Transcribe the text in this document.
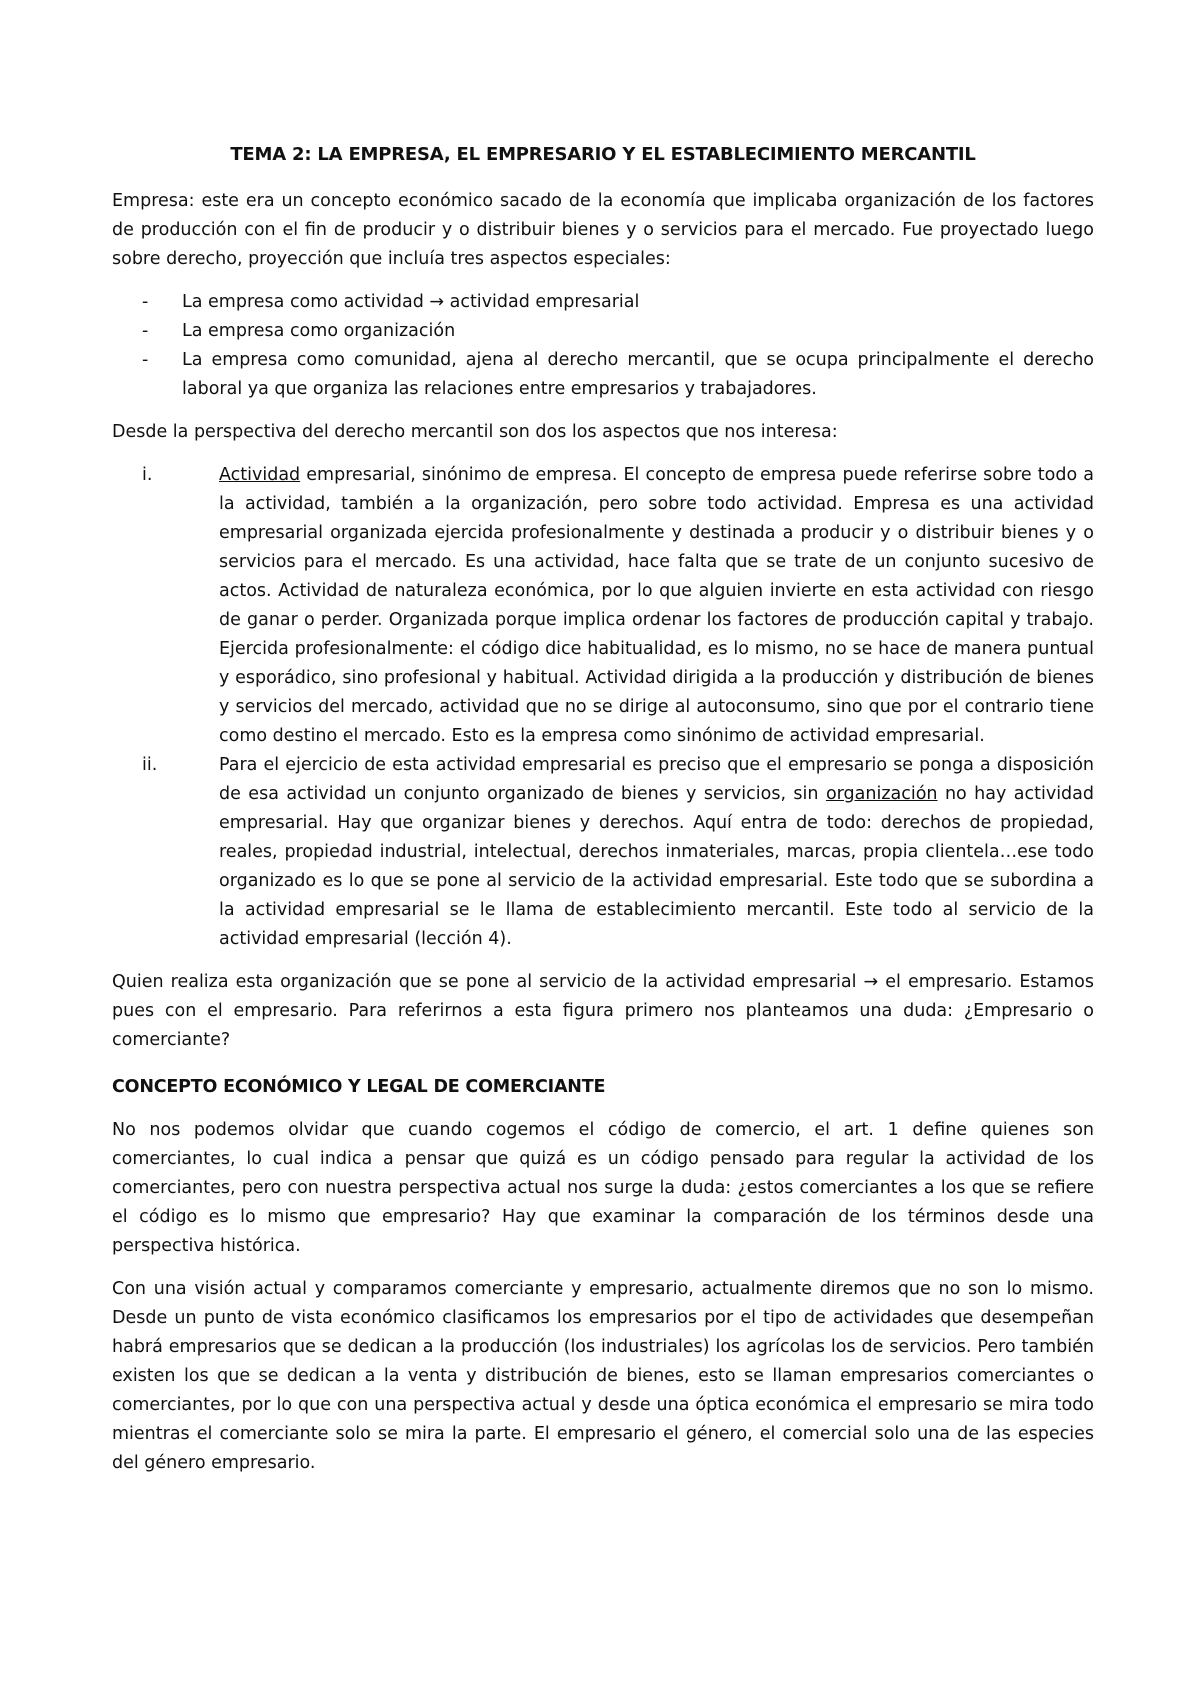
TEMA 2: LA EMPRESA, EL EMPRESARIO Y EL ESTABLECIMIENTO MERCANTIL

Empresa: este era un concepto económico sacado de la economía que implicaba organización de los factores de producción con el fin de producir y o distribuir bienes y o servicios para el mercado. Fue proyectado luego sobre derecho, proyección que incluía tres aspectos especiales:

- La empresa como actividad → actividad empresarial
- La empresa como organización
- La empresa como comunidad, ajena al derecho mercantil, que se ocupa principalmente el derecho laboral ya que organiza las relaciones entre empresarios y trabajadores.

Desde la perspectiva del derecho mercantil son dos los aspectos que nos interesa:

i.	Actividad empresarial, sinónimo de empresa. El concepto de empresa puede referirse sobre todo a la actividad, también a la organización, pero sobre todo actividad. Empresa es una actividad empresarial organizada ejercida profesionalmente y destinada a producir y o distribuir bienes y o servicios para el mercado. Es una actividad, hace falta que se trate de un conjunto sucesivo de actos. Actividad de naturaleza económica, por lo que alguien invierte en esta actividad con riesgo de ganar o perder. Organizada porque implica ordenar los factores de producción capital y trabajo. Ejercida profesionalmente: el código dice habitualidad, es lo mismo, no se hace de manera puntual y esporádico, sino profesional y habitual. Actividad dirigida a la producción y distribución de bienes y servicios del mercado, actividad que no se dirige al autoconsumo, sino que por el contrario tiene como destino el mercado. Esto es la empresa como sinónimo de actividad empresarial.
ii.	Para el ejercicio de esta actividad empresarial es preciso que el empresario se ponga a disposición de esa actividad un conjunto organizado de bienes y servicios, sin organización no hay actividad empresarial. Hay que organizar bienes y derechos. Aquí entra de todo: derechos de propiedad, reales, propiedad industrial, intelectual, derechos inmateriales, marcas, propia clientela…ese todo organizado es lo que se pone al servicio de la actividad empresarial. Este todo que se subordina a la actividad empresarial se le llama de establecimiento mercantil. Este todo al servicio de la actividad empresarial (lección 4).

Quien realiza esta organización que se pone al servicio de la actividad empresarial → el empresario. Estamos pues con el empresario. Para referirnos a esta figura primero nos planteamos una duda: ¿Empresario o comerciante?

CONCEPTO ECONÓMICO Y LEGAL DE COMERCIANTE

No nos podemos olvidar que cuando cogemos el código de comercio, el art. 1 define quienes son comerciantes, lo cual indica a pensar que quizá es un código pensado para regular la actividad de los comerciantes, pero con nuestra perspectiva actual nos surge la duda: ¿estos comerciantes a los que se refiere el código es lo mismo que empresario? Hay que examinar la comparación de los términos desde una perspectiva histórica.

Con una visión actual y comparamos comerciante y empresario, actualmente diremos que no son lo mismo. Desde un punto de vista económico clasificamos los empresarios por el tipo de actividades que desempeñan habrá empresarios que se dedican a la producción (los industriales) los agrícolas los de servicios. Pero también existen los que se dedican a la venta y distribución de bienes, esto se llaman empresarios comerciantes o comerciantes, por lo que con una perspectiva actual y desde una óptica económica el empresario se mira todo mientras el comerciante solo se mira la parte. El empresario el género, el comercial solo una de las especies del género empresario.
